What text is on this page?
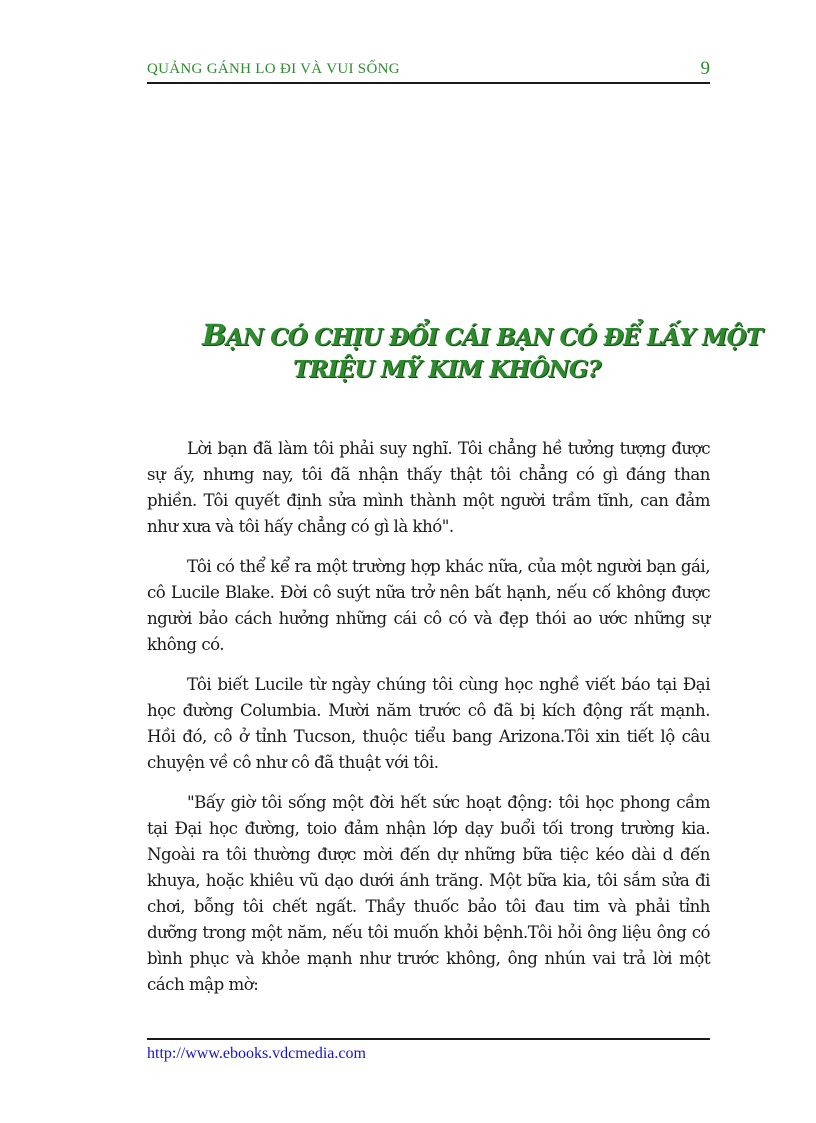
QUẢNG GÁNH LO ĐI VÀ VUI SỐNG	9
BẠN CÓ CHỊU ĐỔI CÁI BẠN CÓ ĐỂ LẤY MỘT
TRIỆU MỸ KIM KHÔNG?

Lời bạn đã làm tôi phải suy nghĩ. Tôi chẳng hề tưởng tượng được sự ấy, nhưng nay, tôi đã nhận thấy thật tôi chẳng có gì đáng than phiền. Tôi quyết định sửa mình thành một người trầm tĩnh, can đảm như xưa và tôi hấy chẳng có gì là khó".

Tôi có thể kể ra một trường hợp khác nữa, của một người bạn gái, cô Lucile Blake. Đời cô suýt nữa trở nên bất hạnh, nếu cố không được người bảo cách hưởng những cái cô có và đẹp thói ao ước những sự không có.

Tôi biết Lucile từ ngày chúng tôi cùng học nghề viết báo tại Đại học đường Columbia. Mười năm trước cô đã bị kích động rất mạnh. Hồi đó, cô ở tỉnh Tucson, thuộc tiểu bang Arizona.Tôi xin tiết lộ câu chuyện về cô như cô đã thuật với tôi.

"Bấy giờ tôi sống một đời hết sức hoạt động: tôi học phong cầm tại Đại học đường, toio đảm nhận lớp dạy buổi tối trong trường kia. Ngoài ra tôi thường được mời đến dự những bữa tiệc kéo dài d đến khuya, hoặc khiêu vũ dạo dưới ánh trăng. Một bữa kia, tôi sắm sửa đi chơi, bỗng tôi chết ngất. Thầy thuốc bảo tôi đau tim và phải tỉnh dưỡng trong một năm, nếu tôi muốn khỏi bệnh.Tôi hỏi ông liệu ông có bình phục và khỏe mạnh như trước không, ông nhún vai trả lời một cách mập mờ:

http://www.ebooks.vdcmedia.com
